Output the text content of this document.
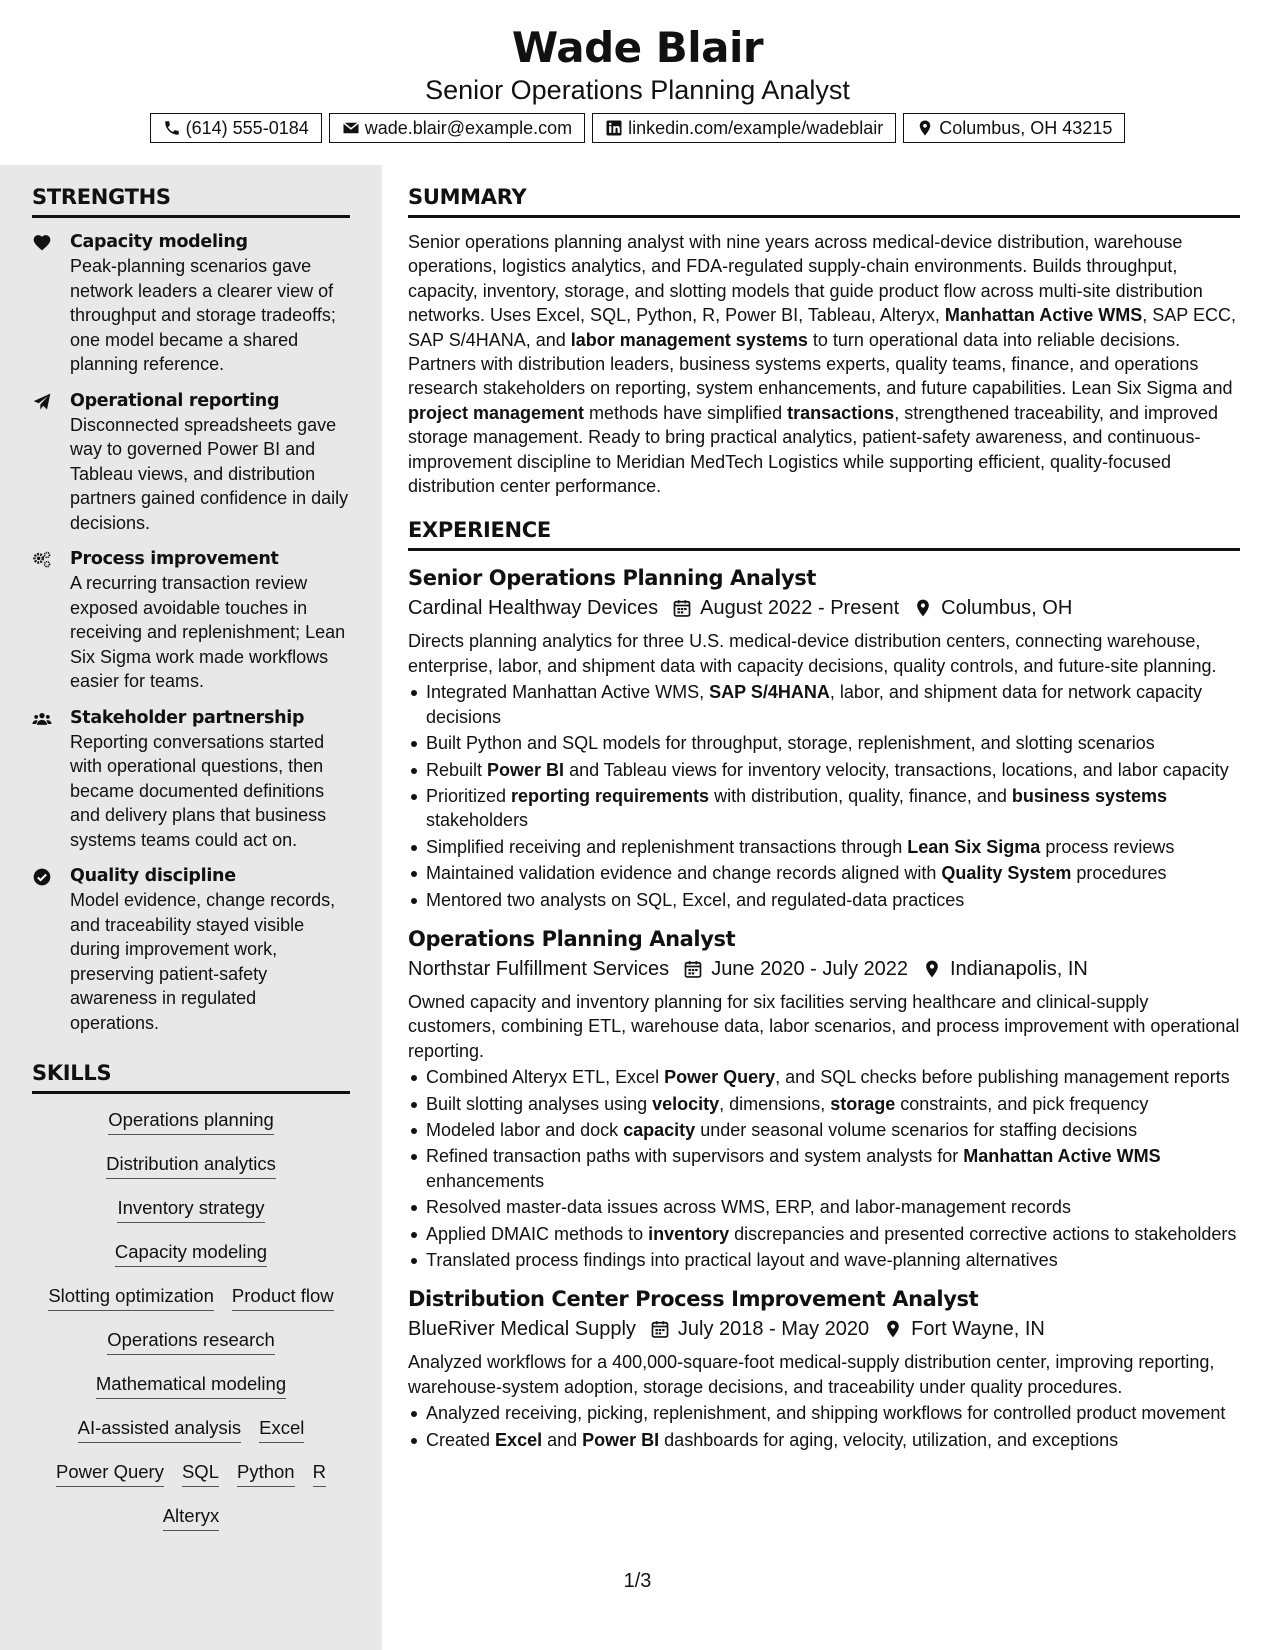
Wade Blair
Senior Operations Planning Analyst
(614) 555-0184	wade.blair@example.com	linkedin.com/example/wadeblair	Columbus, OH 43215
STRENGTHS
Capacity modeling
Peak-planning scenarios gave network leaders a clearer view of throughput and storage tradeoffs; one model became a shared planning reference.
Operational reporting
Disconnected spreadsheets gave way to governed Power BI and Tableau views, and distribution partners gained confidence in daily decisions.
Process improvement
A recurring transaction review exposed avoidable touches in receiving and replenishment; Lean Six Sigma work made workflows easier for teams.
Stakeholder partnership
Reporting conversations started with operational questions, then became documented definitions and delivery plans that business systems teams could act on.
Quality discipline
Model evidence, change records, and traceability stayed visible during improvement work, preserving patient-safety awareness in regulated operations.
SKILLS
Operations planning
Distribution analytics
Inventory strategy
Capacity modeling
Slotting optimization Product flow
Operations research
Mathematical modeling
AI-assisted analysis Excel
Power Query SQL Python R
Alteryx
SUMMARY
Senior operations planning analyst with nine years across medical-device distribution, warehouse operations, logistics analytics, and FDA-regulated supply-chain environments. Builds throughput, capacity, inventory, storage, and slotting models that guide product flow across multi-site distribution networks. Uses Excel, SQL, Python, R, Power BI, Tableau, Alteryx, Manhattan Active WMS, SAP ECC, SAP S/4HANA, and labor management systems to turn operational data into reliable decisions. Partners with distribution leaders, business systems experts, quality teams, finance, and operations research stakeholders on reporting, system enhancements, and future capabilities. Lean Six Sigma and project management methods have simplified transactions, strengthened traceability, and improved storage management. Ready to bring practical analytics, patient-safety awareness, and continuous-improvement discipline to Meridian MedTech Logistics while supporting efficient, quality-focused distribution center performance.
EXPERIENCE
Senior Operations Planning Analyst
Cardinal Healthway Devices August 2022 - Present Columbus, OH
Directs planning analytics for three U.S. medical-device distribution centers, connecting warehouse, enterprise, labor, and shipment data with capacity decisions, quality controls, and future-site planning.
Integrated Manhattan Active WMS, SAP S/4HANA, labor, and shipment data for network capacity decisions
Built Python and SQL models for throughput, storage, replenishment, and slotting scenarios
Rebuilt Power BI and Tableau views for inventory velocity, transactions, locations, and labor capacity
Prioritized reporting requirements with distribution, quality, finance, and business systems stakeholders
Simplified receiving and replenishment transactions through Lean Six Sigma process reviews
Maintained validation evidence and change records aligned with Quality System procedures
Mentored two analysts on SQL, Excel, and regulated-data practices
Operations Planning Analyst
Northstar Fulfillment Services June 2020 - July 2022 Indianapolis, IN
Owned capacity and inventory planning for six facilities serving healthcare and clinical-supply customers, combining ETL, warehouse data, labor scenarios, and process improvement with operational reporting.
Combined Alteryx ETL, Excel Power Query, and SQL checks before publishing management reports
Built slotting analyses using velocity, dimensions, storage constraints, and pick frequency
Modeled labor and dock capacity under seasonal volume scenarios for staffing decisions
Refined transaction paths with supervisors and system analysts for Manhattan Active WMS enhancements
Resolved master-data issues across WMS, ERP, and labor-management records
Applied DMAIC methods to inventory discrepancies and presented corrective actions to stakeholders
Translated process findings into practical layout and wave-planning alternatives
Distribution Center Process Improvement Analyst
BlueRiver Medical Supply July 2018 - May 2020 Fort Wayne, IN
Analyzed workflows for a 400,000-square-foot medical-supply distribution center, improving reporting, warehouse-system adoption, storage decisions, and traceability under quality procedures.
Analyzed receiving, picking, replenishment, and shipping workflows for controlled product movement
Created Excel and Power BI dashboards for aging, velocity, utilization, and exceptions
1/3
